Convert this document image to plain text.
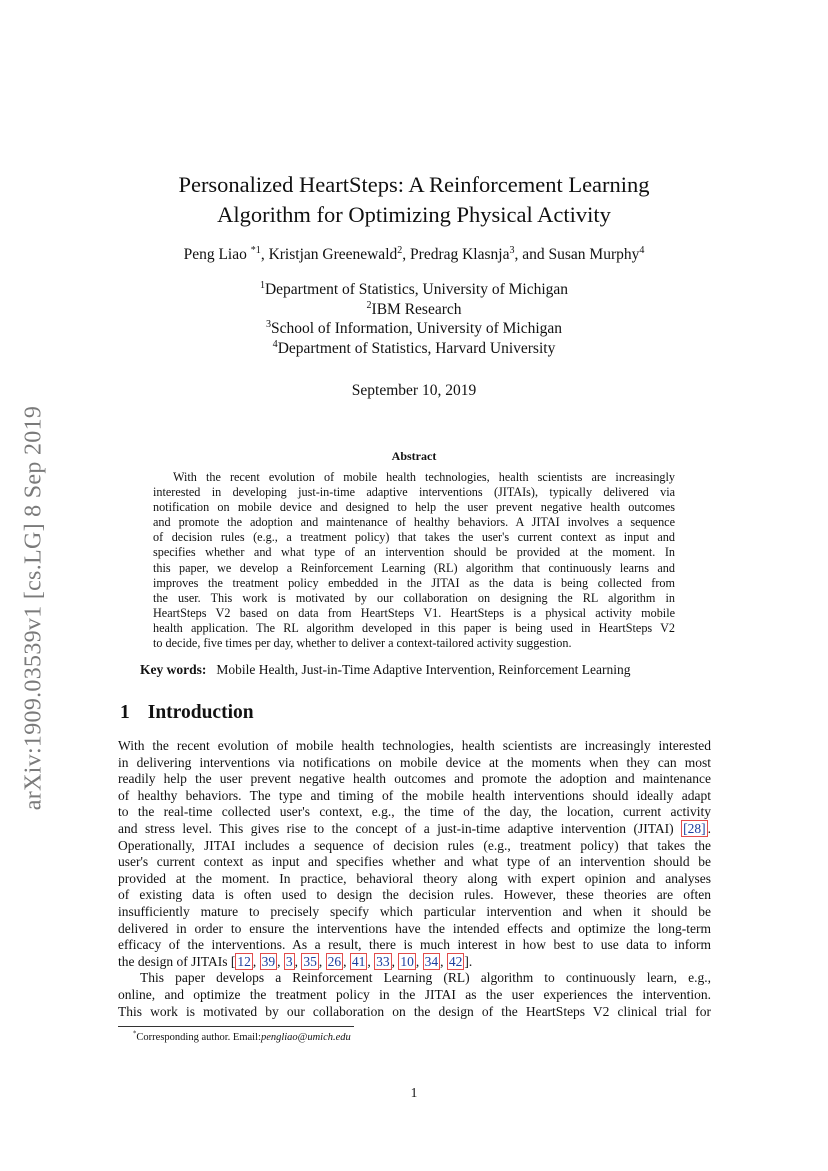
arXiv:1909.03539v1 [cs.LG] 8 Sep 2019
Personalized HeartSteps: A Reinforcement Learning
Algorithm for Optimizing Physical Activity
Peng Liao $^{*1}$, Kristjan Greenewald$^2$, Predrag Klasnja$^3$, and Susan Murphy$^4$
$^1$Department of Statistics, University of Michigan
$^2$IBM Research
$^3$School of Information, University of Michigan
$^4$Department of Statistics, Harvard University
September 10, 2019
Abstract
With the recent evolution of mobile health technologies, health scientists are increasingly
interested in developing just-in-time adaptive interventions (JITAIs), typically delivered via
notification on mobile device and designed to help the user prevent negative health outcomes
and promote the adoption and maintenance of healthy behaviors. A JITAI involves a sequence
of decision rules (e.g., a treatment policy) that takes the user's current context as input and
specifies whether and what type of an intervention should be provided at the moment. In
this paper, we develop a Reinforcement Learning (RL) algorithm that continuously learns and
improves the treatment policy embedded in the JITAI as the data is being collected from
the user. This work is motivated by our collaboration on designing the RL algorithm in
HeartSteps V2 based on data from HeartSteps V1. HeartSteps is a physical activity mobile
health application. The RL algorithm developed in this paper is being used in HeartSteps V2
to decide, five times per day, whether to deliver a context-tailored activity suggestion.
Key words: Mobile Health, Just-in-Time Adaptive Intervention, Reinforcement Learning
1 Introduction
With the recent evolution of mobile health technologies, health scientists are increasingly interested
in delivering interventions via notifications on mobile device at the moments when they can most
readily help the user prevent negative health outcomes and promote the adoption and maintenance
of healthy behaviors. The type and timing of the mobile health interventions should ideally adapt
to the real-time collected user's context, e.g., the time of the day, the location, current activity
and stress level. This gives rise to the concept of a just-in-time adaptive intervention (JITAI) [28] .
Operationally, JITAI includes a sequence of decision rules (e.g., treatment policy) that takes the
user's current context as input and specifies whether and what type of an intervention should be
provided at the moment. In practice, behavioral theory along with expert opinion and analyses
of existing data is often used to design the decision rules. However, these theories are often
insufficiently mature to precisely specify which particular intervention and when it should be
delivered in order to ensure the interventions have the intended effects and optimize the long-term
efficacy of the interventions. As a result, there is much interest in how best to use data to inform
the design of JITAIs [ 12 , 39 , 3 , 35 , 26 , 41 , 33 , 10 , 34 , 42 ].
This paper develops a Reinforcement Learning (RL) algorithm to continuously learn, e.g.,
online, and optimize the treatment policy in the JITAI as the user experiences the intervention.
This work is motivated by our collaboration on the design of the HeartSteps V2 clinical trial for
*Corresponding author. Email:pengliao@umich.edu
1
